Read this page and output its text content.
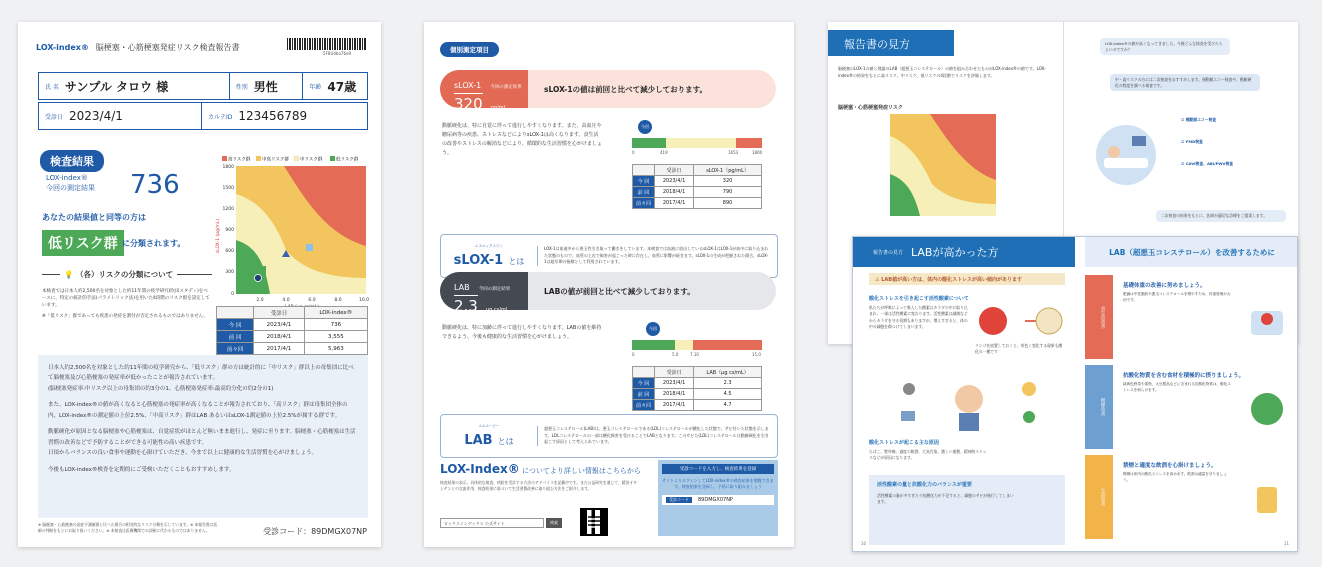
LOX-index® 脳梗塞・心筋梗塞発症リスク検査報告書
5F8U4bo76e9
氏 名 サンプル タロウ 様	性別 男性	年齢 47歳
受診日 2023/4/1	カルテID 123456789
検査結果
LOX-index®
今回の測定結果 736
あなたの結果値と同等の方は
低リスク群 に分類されます。
本検査では日本人約2,500名を対象とした約11年間の疫学研究(吹田スタディ)をベースに、特定の統計的手法(パラメトリック法)を用いた4段階のリスク群を設定しています。
※「低リスク」群であっても疾患の発症を割付が否定されるものではありません。
💡 （各）リスクの分類について
高リスク群	中高リスク群 中リスク群	低リスク群
1800
1500
1200
900
600
300
0
2.0	4.0	6.0	8.0	10.0
sLOX-1 (pg/mL)
	受診日	LOX-index®
今 回	2023/4/1	736
前 回	2018/4/1	3,555
前々回	2017/4/1	5,963

日本人約2,500名を対象とした約11年間の疫学研究から、「低リスク」群の方は統計的に「中リスク」群以上の母集団に比べて脳梗塞及び心筋梗塞の発症率が低かったことが報告されています。
(脳梗塞発症率:中リスク以上の母集団の約3分の1、心筋梗塞発症率:最高約分化の約2分の1)

また、LOX-index®の値が高くなると心筋梗塞の発症率が高くなることが報告されており、「高リスク」群は母集団全体の内、LOX-index®の測定値の上位2.5%、「中高リスク」群はLAB あるいはsLOX-1測定値の上位2.5%が属する群です。

動脈硬化が原因となる脳梗塞や心筋梗塞は、自覚症状がほとんど無いまま進行し、発症に至ります。脳梗塞・心筋梗塞は生活習慣の改善などで予防することができる可能性の高い疾患です。
日頃からバランスの良い食事や運動を心掛けていただき、今まで以上に健康的な生活習慣を心がけましょう。

今後もLOX-index®検査を定期的にご受検いただくこともおすすめします。

※ 脳梗塞・心筋梗塞の発症予測値群と比べた場合の相対的なリスク分類を示しています。※ 本報告書は医師の判断をもとにお取り扱いください。※ 本検査は医療機関での診断に代わるものではありません。	受診コード：89DMGX07NP
個別測定項目
sLOX-1 今回の測定結果
320 pg/mL
sLOX-1の値は前回と比べて減少しております。
動脈硬化は、特に自覚に伴って進行しやすくなります。また、高血圧や糖尿病等の疾患、ストレスなどによりsLOX-1は高くなります。食生活の改善やストレスの解消などにより、循環的な生活習慣を心がけましょう。
今回
0	419	1653	1800
	受診日	sLOX-1（pg/mL）
今 回	2023/4/1	320
前 回	2018/4/1	790
前々回	2017/4/1	890
エスロックスワン
sLOX-1 とは
LOX-1は血液中から悪玉性引き取って働きをしています。本検査では血液に放出しているsLOX-1はLOX-1が血中に取り込まれた状態のもので、血管の上皮で障害が起こった時に存在し、血管に影響が続きます。sLOX-1の生成が把握された場合、sLOX-1は超早期の指標として利用されています。
LAB 今回の測定結果
2.3 μg cs/mL
LABの値が前回と比べて減少しております。
動脈硬化は、特に加齢に伴って進行しやすくなります。LABの値を維持できるよう、今後も健康的な生活習慣を心がけましょう。
今回
0	5.0	7.10	15.0
	受診日	LAB（μg cs/mL）
今 回	2023/4/1	2.3
前 回	2018/4/1	4.5
前々回	2017/4/1	4.7
エルエービー
LAB とは
超悪玉コレステロール(LAB)は、悪玉コレステロールである(LDL)コレステロールが酸化した状態で、サビ付いた状態を示します。LDLコレステロールの一部は酸化障害を受けることでLABとなります。このサビた(LDL)コレステロールは動脈硬化を引き起こす原因として考えられています。
LOX-Index® についてより詳しい情報はこちらから
検査結果の表示、具体的な検査、病院を受診する方法のアドバイスを記載中です。また公益研究を通じて、精田オキシゲンとの交流作用、検査結果に基づいて生活習慣改善に取り組む方法をご紹介します。
ロックスインデックス 公式サイト	検索
受診コードを入力し、検査結果を登録
サイトよりログインしてLOX-index®の検査結果を閲覧できます。検査結果を登録し、予防に取り組みましょう
受診コード	89DMGX07NP
報告書の見方
脳梗塞のLOX-1の値と理論のLAB（超悪玉コレステロール）の値を組み合わせたものがLOX-index®の値です。LOX-index®の結果をもとに高リスク、中リスク、低リスクの4段階でリスクを評価します。
脳梗塞・心筋梗塞発症リスク
LOX-index®の値が高くなってきました。今後どんな検査を受けたらよいのですか？
中・高リスクの方には二次検査をおすすめします。頸動脈エコー検査や、動脈硬化の程度を調べる検査です。
☑ 頸動脈エコー検査
☑ FMD検査
☑ CAVI検査、ABI/PWV検査
二次検査の結果をもとに、医師が適切な診療をご提案します。
報告書の見方 LABが高かった方	LAB（超悪玉コレステロール）を改善するために
⚠ LAB値が高い方は、体内の酸化ストレスが高い傾向があります
酸化ストレスを引き起こす活性酸素について
私たちが呼吸によって吸入した酸素はカラダの中に取り込まれ、一部は活性酸素に変わります。活性酸素は細菌などからカラダを守る役割もありますが、増えすぎると、体の中の細胞を傷つけてしまいます。
リンゴを放置しておくと、茶色く変化する現象も酸化の一種です
酸化ストレスが起こる主な原因
たばこ、紫外線、過度の飲酒、大気汚染、激しい運動、精神的ストレスなどが原因になります。
活性酸素の量と抗酸化力のバランスが重要
活性酸素の量が多すぎたり抗酸化力が不足すると、細胞のサビが進行してしまいます。
食生活改善
喫煙改善
生活改善
基礎体重の改善に努めましょう。
肥満は中性脂肪や悪玉コレステロールを増やすため、体重管理が大切です。
抗酸化物質を含む食材を積極的に摂りましょう。
緑黄色野菜や果物、大豆製品などに含まれる抗酸化物質は、酸化ストレスを和らげます。
禁煙と適度な飲酒を心掛けましょう。
喫煙は体内の酸化ストレスを高めます。飲酒は適量を守りましょう。
10	11
